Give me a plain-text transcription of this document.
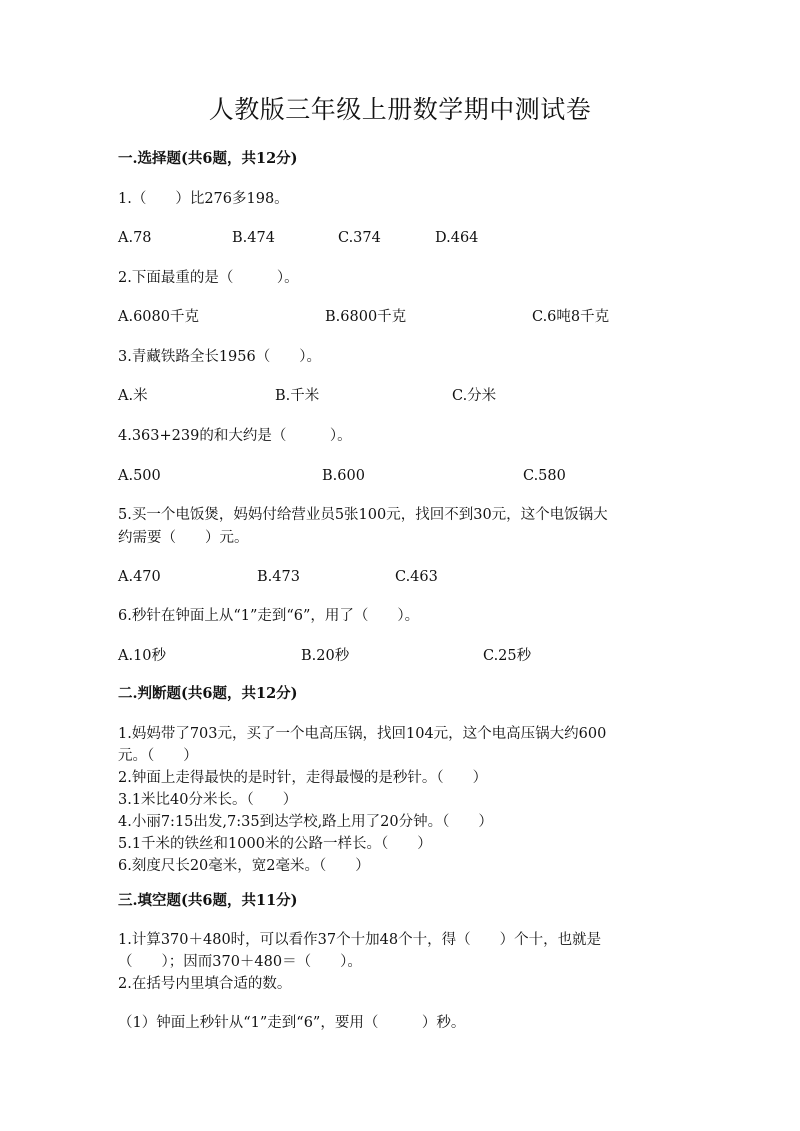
人教版三年级上册数学期中测试卷
一.选择题(共6题，共12分)
1.（　　）比276多198。
A.78	B.474	C.374	D.464
2.下面最重的是（　　　）。
A.6080千克	B.6800千克	C.6吨8千克
3.青藏铁路全长1956（　　）。
A.米	B.千米	C.分米
4.363+239的和大约是（　　　）。
A.500	B.600	C.580
5.买一个电饭煲，妈妈付给营业员5张100元，找回不到30元，这个电饭锅大
约需要（　　）元。
A.470	B.473	C.463
6.秒针在钟面上从“1”走到“6”，用了（　　）。
A.10秒	B.20秒	C.25秒
二.判断题(共6题，共12分)
1.妈妈带了703元，买了一个电高压锅，找回104元，这个电高压锅大约600
元。（　　）
2.钟面上走得最快的是时针，走得最慢的是秒针。（　　）
3.1米比40分米长。（　　）
4.小丽7:15出发,7:35到达学校,路上用了20分钟。（　　）
5.1千米的铁丝和1000米的公路一样长。（　　）
6.刻度尺长20毫米，宽2毫米。（　　）
三.填空题(共6题，共11分)
1.计算370＋480时，可以看作37个十加48个十，得（　　）个十，也就是
（　　）；因而370＋480＝（　　）。
2.在括号内里填合适的数。
（1）钟面上秒针从“1”走到“6”，要用（　　　）秒。
